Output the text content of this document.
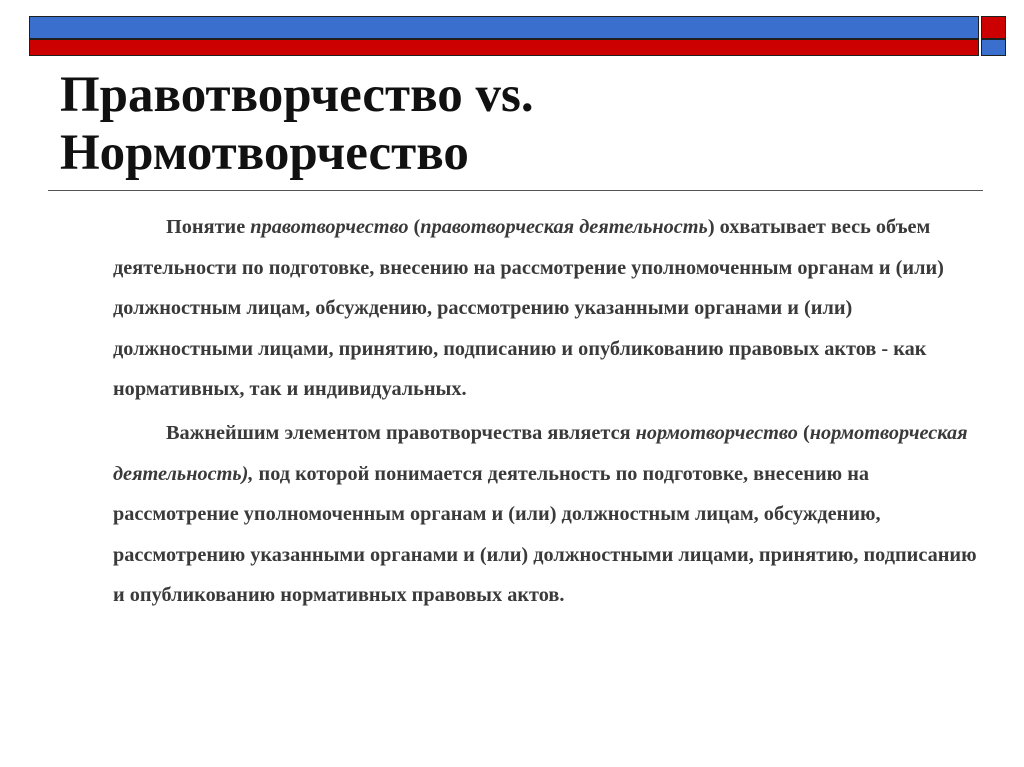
Правотворчество vs.
Нормотворчество

Понятие правотворчество (правотворческая деятельность) охватывает весь объем деятельности по подготовке, внесению на рассмотрение уполномоченным органам и (или) должностным лицам, обсуждению, рассмотрению указанными органами и (или) должностными лицами, принятию, подписанию и опубликованию правовых актов - как нормативных, так и индивидуальных.

Важнейшим элементом правотворчества является нормотворчество (нормотворческая деятельность), под которой понимается деятельность по подготовке, внесению на рассмотрение уполномоченным органам и (или) должностным лицам, обсуждению, рассмотрению указанными органами и (или) должностными лицами, принятию, подписанию и опубликованию нормативных правовых актов.
